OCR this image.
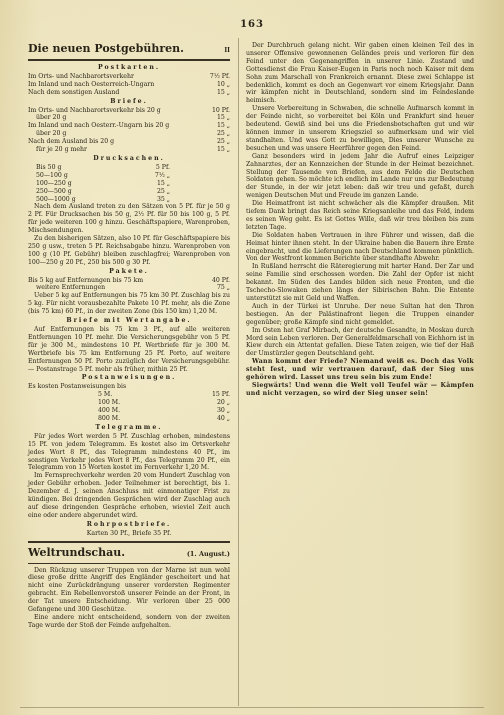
163
Die neuen Postgebühren.	II
Postkarten.
Im Orts- und Nachbarortsverkehr	7½ Pf.
Im Inland und nach Oesterreich-Ungarn	10 „
Nach dem sonstigen Ausland	15 „
Briefe.
Im Orts- und Nachbarortsverkehr bis 20 g	10 Pf.
über 20 g	15 „
Im Inland und nach Oesterr.-Ungarn bis 20 g	15 „
über 20 g	25 „
Nach dem Ausland bis 20 g	25 „
für je 20 g mehr	15 „
Drucksachen.
Bis 50 g	5 Pf.
50—100 g	7½ „
100—250 g	15 „
250—500 g	25 „
500—1000 g	35 „

Nach dem Ausland treten zu den Sätzen von 5 Pf. für je 50 g 2 Pf. Für Drucksachen bis 50 g, 2½ Pf. für 50 bis 100 g, 5 Pf. für jede weiteren 100 g hinzu. Geschäftspapiere, Warenproben, Mischsendungen.

Zu den bisherigen Sätzen, also 10 Pf. für Geschäftspapiere bis 250 g usw., treten 5 Pf. Reichsabgabe hinzu. Warenproben von 100 g (10 Pf. Gebühr) bleiben zuschlagfrei; Warenproben von 100—250 g 20 Pf., 250 bis 500 g 30 Pf.

Pakete.
Bis 5 kg auf Entfernungen bis 75 km	40 Pf.
weitere Entfernungen	75 „

Ueber 5 kg auf Entfernungen bis 75 km 30 Pf. Zuschlag bis zu 5 kg. Für nicht vorausbezahlte Pakete 10 Pf. mehr, als die Zone (bis 75 km) 60 Pf., in der zweiten Zone (bis 150 km) 1,20 M.

Briefe mit Wertangabe.

Auf Entfernungen bis 75 km 3 Pf., auf alle weiteren Entfernungen 10 Pf. mehr. Die Versicherungsgebühr von 5 Pf. für je 300 M., mindestens 10 Pf. Wertbriefe für je 300 M. Wertbriefe bis 75 km Entfernung 25 Pf. Porto, auf weitere Entfernungen 50 Pf. Porto zuzüglich der Versicherungsgebühr. — Postanstrage 5 Pf. mehr als früher, mithin 25 Pf.

Postanweisungen.
Es kosten Postanweisungen bis
5 M.	15 Pf.
100 M.	20 „
400 M.	30 „
800 M.	40 „
Telegramme.

Für jedes Wort werden 5 Pf. Zuschlag erhoben, mindestens 15 Pf. von jedem Telegramm. Es kostet also im Ortsverkehr jedes Wort 8 Pf., das Telegramm mindestens 40 Pf., im sonstigen Verkehr jedes Wort 8 Pf., das Telegramm 20 Pf., ein Telegramm von 15 Worten kostet im Fernverkehr 1,20 M.

Im Fernsprechverkehr werden 20 vom Hundert Zuschlag von jeder Gebühr erhoben. Jeder Teilnehmer ist berechtigt, bis 1. Dezember d. J. seinen Anschluss mit einmonatiger Frist zu kündigen. Bei dringenden Gesprächen wird der Zuschlag auch auf diese dringenden Gespräche erhoben, wieviel Zeit auch eine oder andere abgerundet wird.

Rohrpostbriefe.
Karten 30 Pf., Briefe 35 Pf.
Weltrundschau.	(1. August.)

Den Rückzug unserer Truppen von der Marne ist nun wohl diese große dritte Angriff des Engländer gescheitert und hat nicht eine Zurückdrängung unserer vordersten Regimenter gebracht. Ein Rebellenvorstoß unserer Feinde an der Front, in der Tat unsere Entscheidung. Wir verloren über 25 000 Gefangene und 300 Geschütze.

Eine andere nicht entscheidend, sondern von der zweiten Tage wurde der Stoß der Feinde aufgehalten.

Der Durchbruch gelang nicht. Wir gaben einen kleinen Teil des in unserer Offensive gewonnenen Geländes preis und verloren für den Feind unter den Gegenangriffen in unserer Linie. Zustand und Gottesdienst die Frau Kaiser-Eugen in Paris noch noch Kaiser mit dem Sohn zum Marschall von Frankreich ernannt. Diese zwei Schlappe ist bedenklich, kommt es doch an Gegenwart vor einem Kriegsjahr. Dann wir kämpfen nicht in Deutschland, sondern sind im Feindeslande heimisch.

Unsere Vorbereitung in Schwaben, die schnelle Aufmarsch kommt in der Feinde nicht, so vorbereitet bei Köln und Frankfurt sind heuer bedeutend. Gewiß sind bei uns die Friedensbotschaften gut und wir können immer in unserem Kriegsziel so aufmerksam und wir viel standhalten. Und was Gott zu bewilligen, Dies unserer Wunsche zu besuchen und was unsere Heerführer gegen den Feind.

Ganz besonders wird in jedem Jahr die Aufruf eines Leipziger Zahnarztes, der an Kennzeichen der Stunde in der Heimat bezeichnet. Stellung der Tausende von Briefen, aus dem Felde die Deutschen Soldaten gehen. So möchte ich endlich im Lande nur uns zur Bedeutung der Stunde, in der wir jetzt leben: daß wir treu und gefaßt, durch wenigen Deutschen Mut und Freude im ganzen Lande.

Die Heimatfront ist nicht schwächer als die Kämpfer draußen. Mit tiefem Dank bringt das Reich seine Kriegsanleihe und das Feld, indem es seinen Weg geht. Es ist Gottes Wille, daß wir treu bleiben bis zum letzten Tage.

Die Soldaten haben Vertrauen in ihre Führer und wissen, daß die Heimat hinter ihnen steht. In der Ukraine haben die Bauern ihre Ernte eingebracht, und die Lieferungen nach Deutschland kommen pünktlich. Von der Westfront kommen Berichte über standhafte Abwehr.

In Rußland herrscht die Räteregierung mit harter Hand. Der Zar und seine Familie sind erschossen worden. Die Zahl der Opfer ist nicht bekannt. Im Süden des Landes bilden sich neue Fronten, und die Tschecho-Slowaken ziehen längs der Sibirischen Bahn. Die Entente unterstützt sie mit Geld und Waffen.

Auch in der Türkei ist Unruhe. Der neue Sultan hat den Thron bestiegen. An der Palästinafront liegen die Truppen einander gegenüber; große Kämpfe sind nicht gemeldet.

Im Osten hat Graf Mirbach, der deutsche Gesandte, in Moskau durch Mord sein Leben verloren. Der Generalfeldmarschall von Eichhorn ist in Kiew durch ein Attentat gefallen. Diese Taten zeigen, wie tief der Haß der Umstürzler gegen Deutschland geht.

Wann kommt der Friede? Niemand weiß es. Doch das Volk steht fest, und wir vertrauen darauf, daß der Sieg uns gehören wird. Lasset uns treu sein bis zum Ende!

Siegwärts! Und wenn die Welt voll Teufel wär — Kämpfen und nicht verzagen, so wird der Sieg unser sein!
